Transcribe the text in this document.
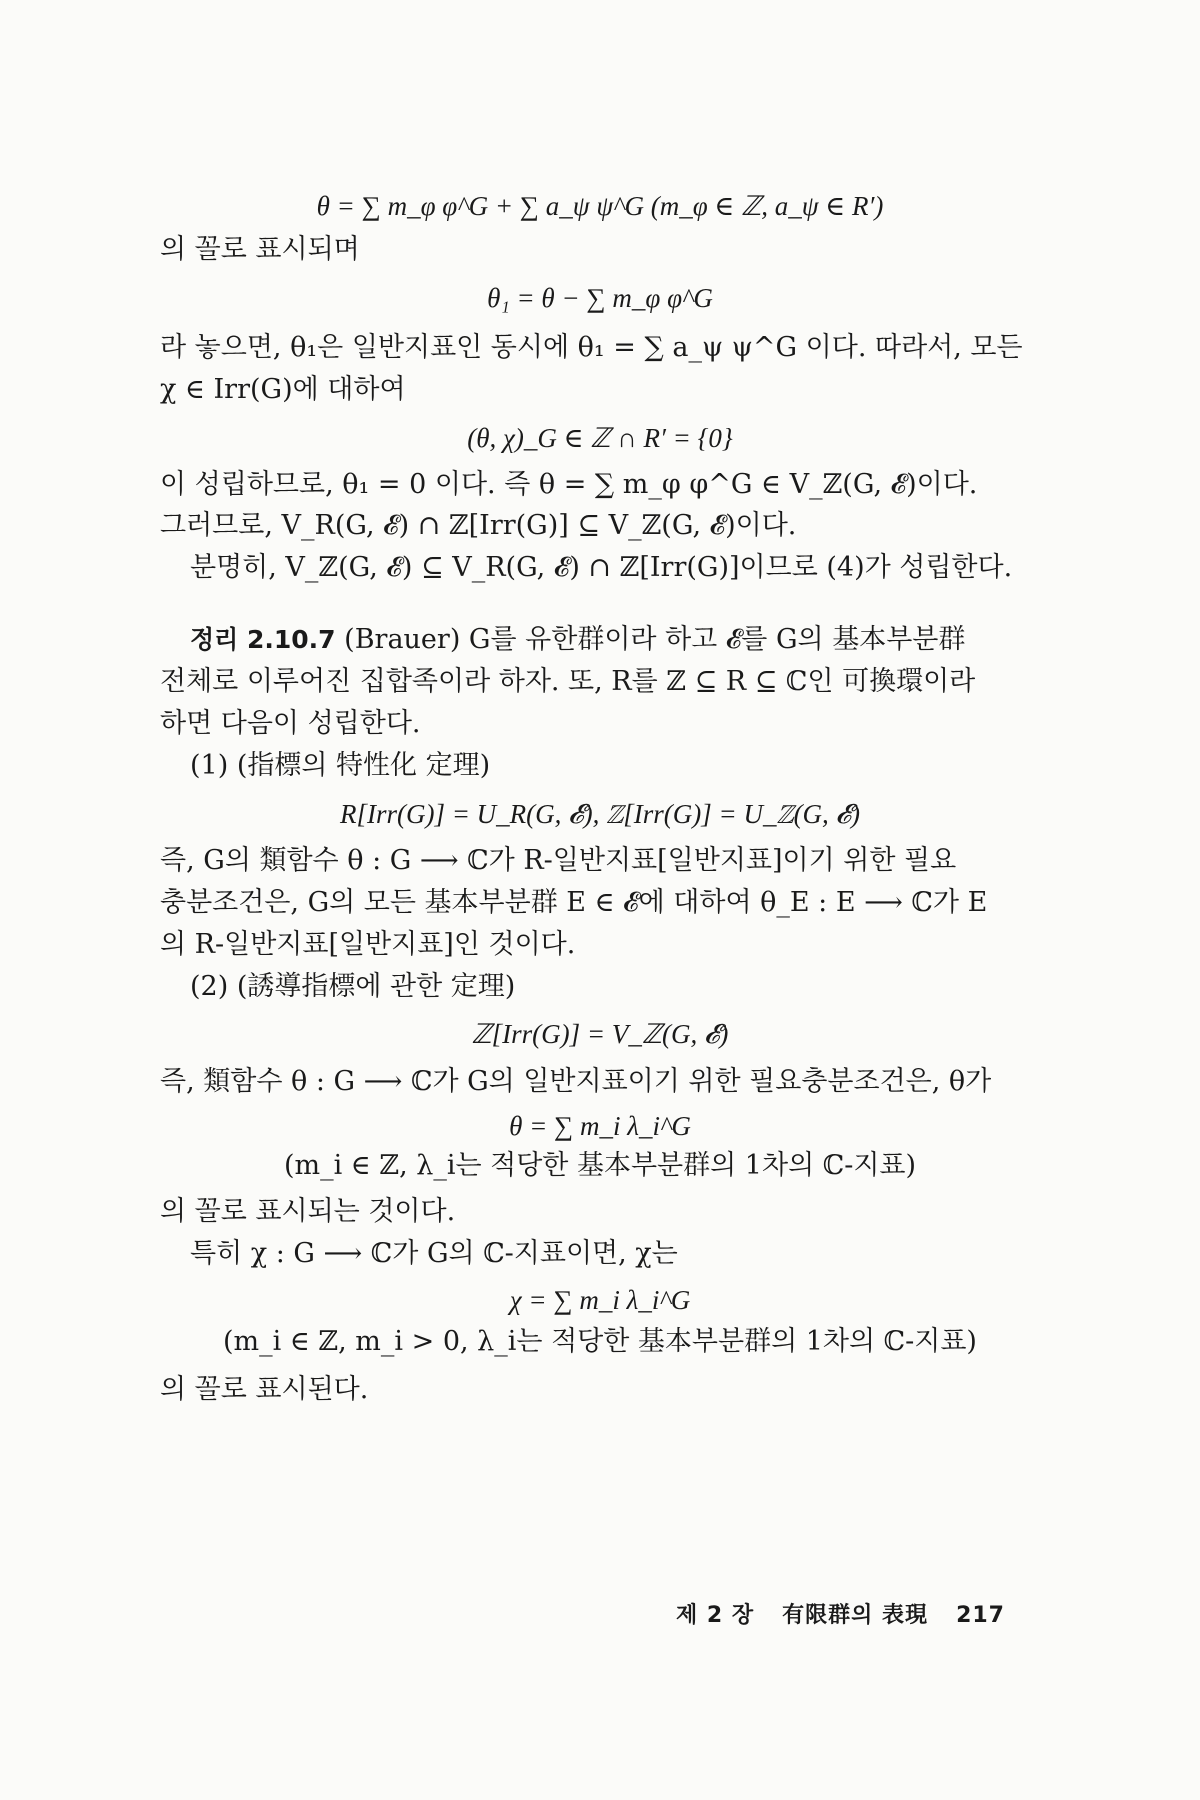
θ = ∑ m_φ φ^G + ∑ a_ψ ψ^G (m_φ ∈ ℤ, a_ψ ∈ R′)
의 꼴로 표시되며
θ₁ = θ − ∑ m_φ φ^G
라 놓으면, θ₁은 일반지표인 동시에 θ₁ = ∑ a_ψ ψ^G 이다. 따라서, 모든
χ ∈ Irr(G)에 대하여
(θ, χ)_G ∈ ℤ ∩ R′ = {0}
이 성립하므로, θ₁ = 0 이다. 즉 θ = ∑ m_φ φ^G ∈ V_ℤ(G, 𝓔)이다.
그러므로, V_R(G, 𝓔) ∩ ℤ[Irr(G)] ⊆ V_ℤ(G, 𝓔)이다.
분명히, V_ℤ(G, 𝓔) ⊆ V_R(G, 𝓔) ∩ ℤ[Irr(G)]이므로 (4)가 성립한다.
정리 2.10.7 (Brauer) G를 유한群이라 하고 𝓔를 G의 基本부분群
전체로 이루어진 집합족이라 하자. 또, R를 ℤ ⊆ R ⊆ ℂ인 可換環이라
하면 다음이 성립한다.
(1) (指標의 特性化 定理)
R[Irr(G)] = U_R(G, 𝓔), ℤ[Irr(G)] = U_ℤ(G, 𝓔)
즉, G의 類함수 θ : G ⟶ ℂ가 R-일반지표[일반지표]이기 위한 필요
충분조건은, G의 모든 基本부분群 E ∈ 𝓔에 대하여 θ_E : E ⟶ ℂ가 E
의 R-일반지표[일반지표]인 것이다.
(2) (誘導指標에 관한 定理)
ℤ[Irr(G)] = V_ℤ(G, 𝓔)
즉, 類함수 θ : G ⟶ ℂ가 G의 일반지표이기 위한 필요충분조건은, θ가
θ = ∑ m_i λ_i^G
(m_i ∈ ℤ, λ_i는 적당한 基本부분群의 1차의 ℂ-지표)
의 꼴로 표시되는 것이다.
특히 χ : G ⟶ ℂ가 G의 ℂ-지표이면, χ는
χ = ∑ m_i λ_i^G
(m_i ∈ ℤ, m_i > 0, λ_i는 적당한 基本부분群의 1차의 ℂ-지표)
의 꼴로 표시된다.
제 2 장 有限群의 表現 217
